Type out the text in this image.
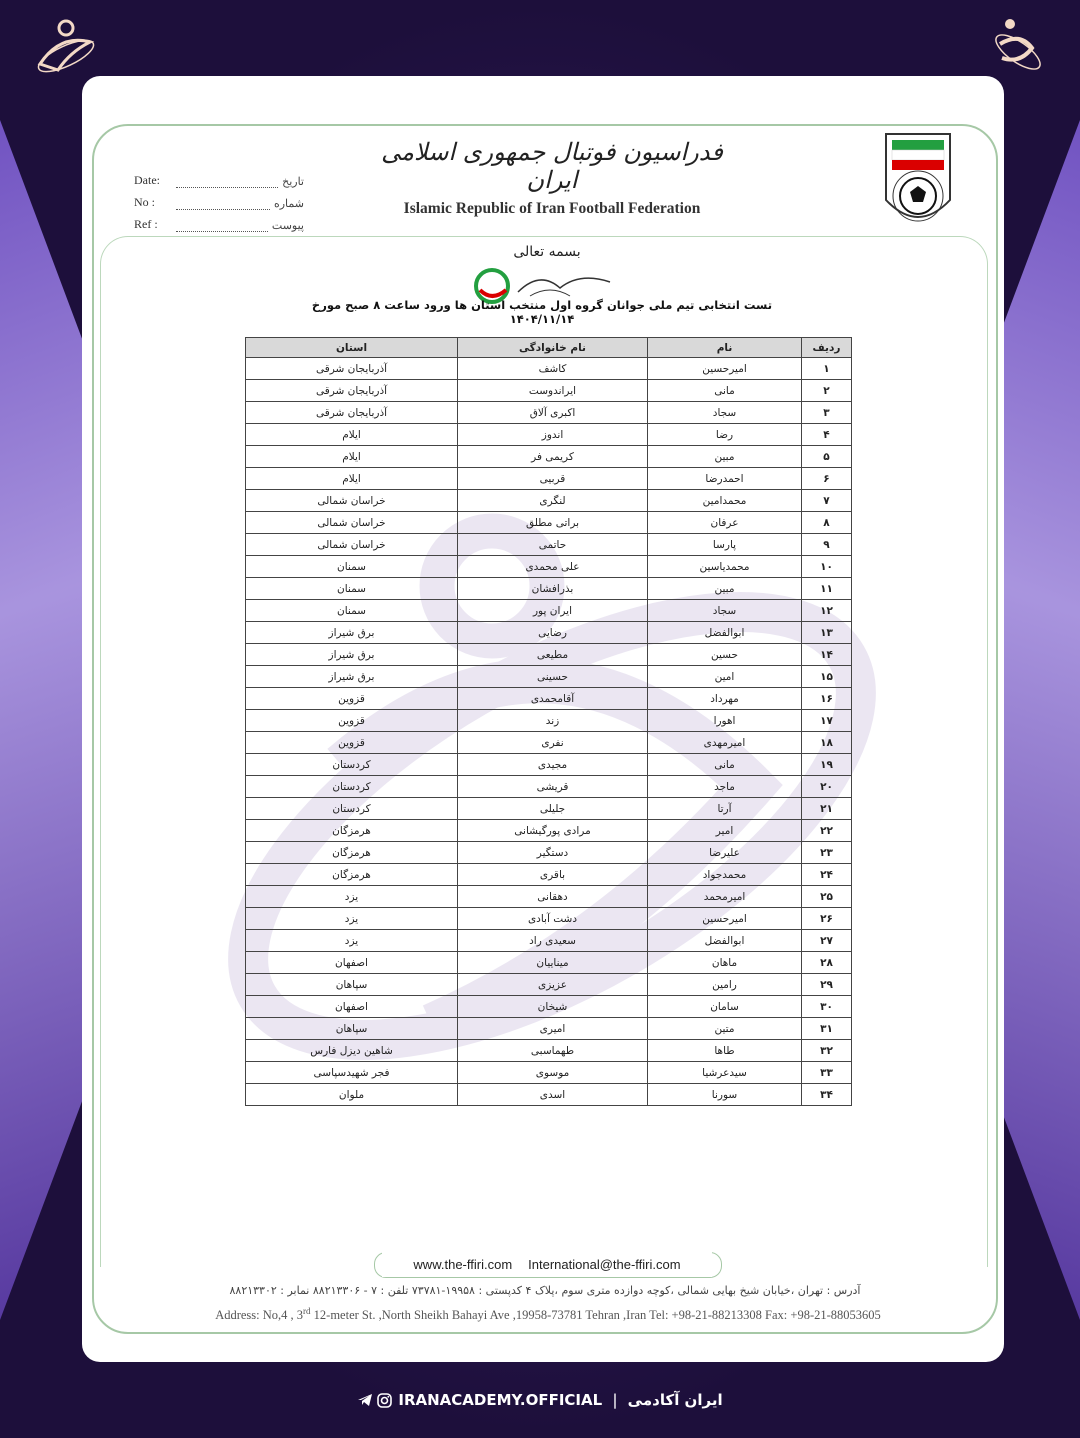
Date:	تاریخ
No :	شماره
Ref :	پیوست
فدراسیون فوتبال جمهوری اسلامی ایران
Islamic Republic of Iran Football Federation
بسمه تعالی
تست انتخابی تیم ملی جوانان گروه اول منتخب استان ها ورود ساعت ۸ صبح مورخ ۱۴۰۴/۱۱/۱۴
ردیف	نام	نام خانوادگی	استان
۱	امیرحسین	کاشف	آذربایجان شرقی
۲	مانی	ایراندوست	آذربایجان شرقی
۳	سجاد	اکبری آلاق	آذربایجان شرقی
۴	رضا	اندوز	ایلام
۵	مبین	کریمی فر	ایلام
۶	احمدرضا	قربیی	ایلام
۷	محمدامین	لنگری	خراسان شمالی
۸	عرفان	براتی مطلق	خراسان شمالی
۹	پارسا	حاتمی	خراسان شمالی
۱۰	محمدیاسین	علی محمدی	سمنان
۱۱	مبین	بذرافشان	سمنان
۱۲	سجاد	ایران پور	سمنان
۱۳	ابوالفضل	رضایی	برق شیراز
۱۴	حسین	مطیعی	برق شیراز
۱۵	امین	حسینی	برق شیراز
۱۶	مهرداد	آقامحمدی	قزوین
۱۷	اهورا	زند	قزوین
۱۸	امیرمهدی	نفری	قزوین
۱۹	مانی	مجیدی	کردستان
۲۰	ماجد	قریشی	کردستان
۲۱	آرتا	جلیلی	کردستان
۲۲	امیر	مرادی پورگیشانی	هرمزگان
۲۳	علیرضا	دستگیر	هرمزگان
۲۴	محمدجواد	باقری	هرمزگان
۲۵	امیرمحمد	دهقانی	یزد
۲۶	امیرحسین	دشت آبادی	یزد
۲۷	ابوالفضل	سعیدی راد	یزد
۲۸	ماهان	میناییان	اصفهان
۲۹	رامین	عزیزی	سپاهان
۳۰	سامان	شیخان	اصفهان
۳۱	متین	امیری	سپاهان
۳۲	طاها	طهماسبی	شاهین دیزل فارس
۳۳	سیدعرشیا	موسوی	فجر شهیدسپاسی
۳۴	سورنا	اسدی	ملوان
www.the-ffiri.com International@the-ffiri.com
آدرس : تهران ،خیابان شیخ بهایی شمالی ،کوچه دوازده متری سوم ،پلاک ۴ کدپستی : ۱۹۹۵۸-۷۳۷۸۱ تلفن : ۷ - ۸۸۲۱۳۳۰۶ نمابر : ۸۸۲۱۳۳۰۲
Address: No,4 , 3rd 12-meter St. ,North Sheikh Bahayi Ave ,19958-73781 Tehran ,Iran Tel: +98-21-88213308 Fax: +98-21-88053605
IRANACADEMY.OFFICIAL | ایران آکادمی
